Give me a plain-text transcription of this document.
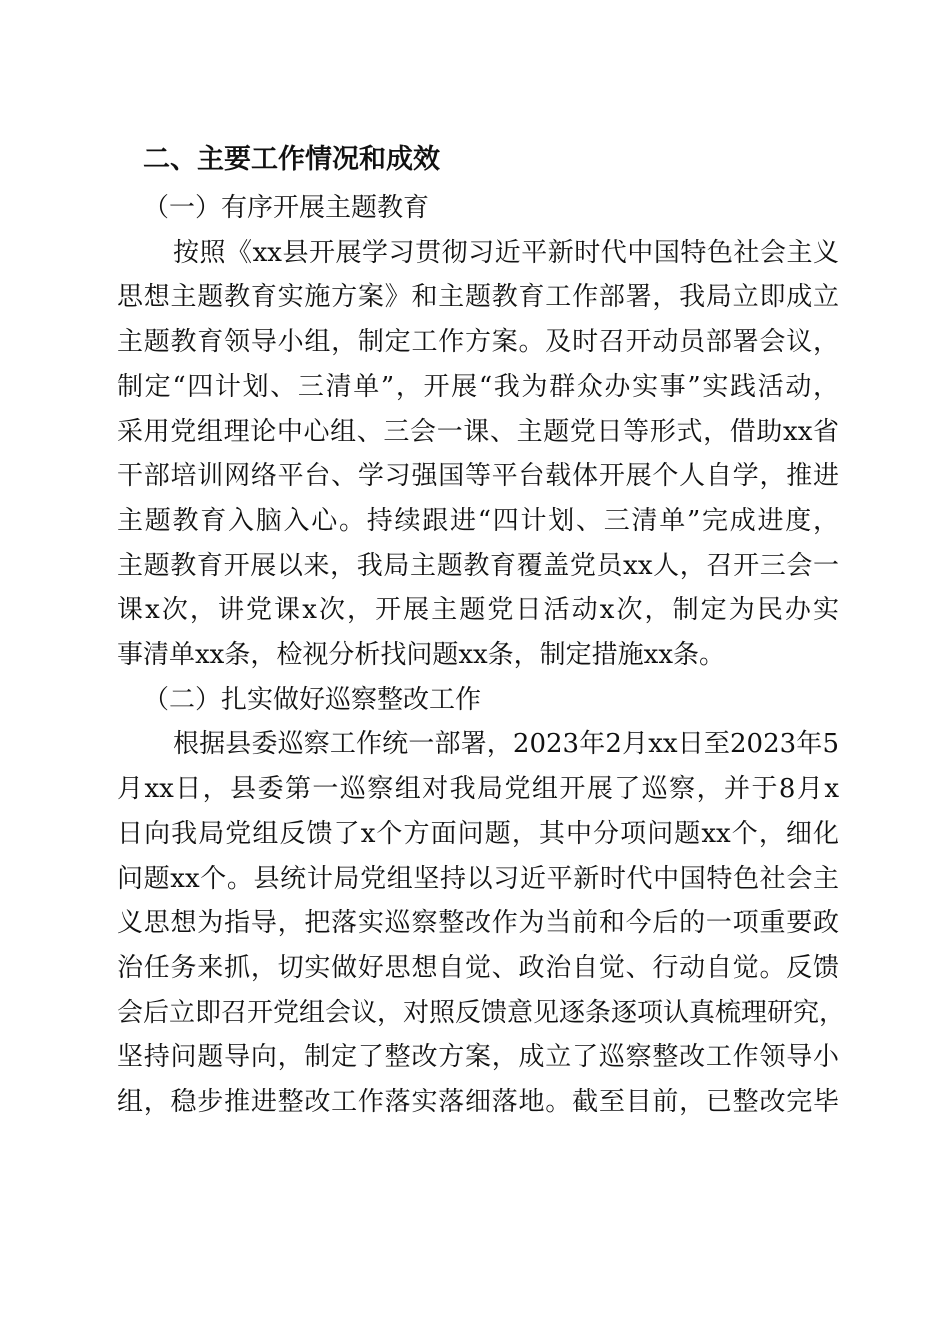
二、主要工作情况和成效
（一）有序开展主题教育
按照《xx县开展学习贯彻习近平新时代中国特色社会主义
思想主题教育实施方案》和主题教育工作部署，我局立即成立
主题教育领导小组，制定工作方案。及时召开动员部署会议，
制定“四计划、三清单”，开展“我为群众办实事”实践活动，
采用党组理论中心组、三会一课、主题党日等形式，借助xx省
干部培训网络平台、学习强国等平台载体开展个人自学，推进
主题教育入脑入心。持续跟进“四计划、三清单”完成进度，
主题教育开展以来，我局主题教育覆盖党员xx人，召开三会一
课x次，讲党课x次，开展主题党日活动x次，制定为民办实
事清单xx条，检视分析找问题xx条，制定措施xx条。
（二）扎实做好巡察整改工作
根据县委巡察工作统一部署，2023年2月xx日至2023年5
月xx日，县委第一巡察组对我局党组开展了巡察，并于8月x
日向我局党组反馈了x个方面问题，其中分项问题xx个，细化
问题xx个。县统计局党组坚持以习近平新时代中国特色社会主
义思想为指导，把落实巡察整改作为当前和今后的一项重要政
治任务来抓，切实做好思想自觉、政治自觉、行动自觉。反馈
会后立即召开党组会议，对照反馈意见逐条逐项认真梳理研究，
坚持问题导向，制定了整改方案，成立了巡察整改工作领导小
组，稳步推进整改工作落实落细落地。截至目前，已整改完毕
